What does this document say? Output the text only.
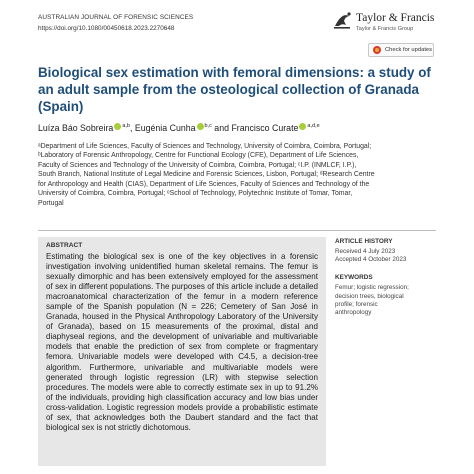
AUSTRALIAN JOURNAL OF FORENSIC SCIENCES
https://doi.org/10.1080/00450618.2023.2270648
Taylor & Francis
Taylor & Francis Group
Check for updates
Biological sex estimation with femoral dimensions: a study of
an adult sample from the osteological collection of Granada
(Spain)
Luíza Báo Sobreira $^{a,b}$, Eugénia Cunha $^{b,c}$ and Francisco Curate $^{a,d,e}$
ᵃDepartment of Life Sciences, Faculty of Sciences and Technology, University of Coimbra, Coimbra, Portugal;
ᵇLaboratory of Forensic Anthropology, Centre for Functional Ecology (CFE), Department of Life Sciences,
Faculty of Sciences and Technology of the University of Coimbra, Coimbra, Portugal; ᶜI.P. (INMLCF, I.P.),
South Branch, National Institute of Legal Medicine and Forensic Sciences, Lisbon, Portugal; ᵈResearch Centre
for Anthropology and Health (CIAS), Department of Life Sciences, Faculty of Sciences and Technology of the
University of Coimbra, Coimbra, Portugal; ᵉSchool of Technology, Polytechnic Institute of Tomar, Tomar,
Portugal
ABSTRACT
Estimating the biological sex is one of the key objectives in a forensic investigation involving unidentified human skeletal remains. The femur is sexually dimorphic and has been extensively employed for the assessment of sex in different populations. The purposes of this article include a detailed macroanatomical characterization of the femur in a modern reference sample of the Spanish population (N = 226; Cemetery of San José in Granada, housed in the Physical Anthropology Laboratory of the University of Granada), based on 15 measurements of the proximal, distal and diaphyseal regions, and the development of univariable and multivariable models that enable the prediction of sex from complete or fragmentary femora. Univariable models were developed with C4.5, a decision-tree algorithm. Furthermore, univariable and multivariable models were generated through logistic regression (LR) with stepwise selection procedures. The models were able to correctly estimate sex in up to 91.2% of the individuals, providing high classification accuracy and low bias under cross-validation. Logistic regression models provide a probabilistic estimate of sex, that acknowledges both the Daubert standard and the fact that biological sex is not strictly dichotomous.
ARTICLE HISTORY
Received 4 July 2023
Accepted 4 October 2023
KEYWORDS
Femur; logistic regression;
decision trees, biological
profile; forensic
anthropology
